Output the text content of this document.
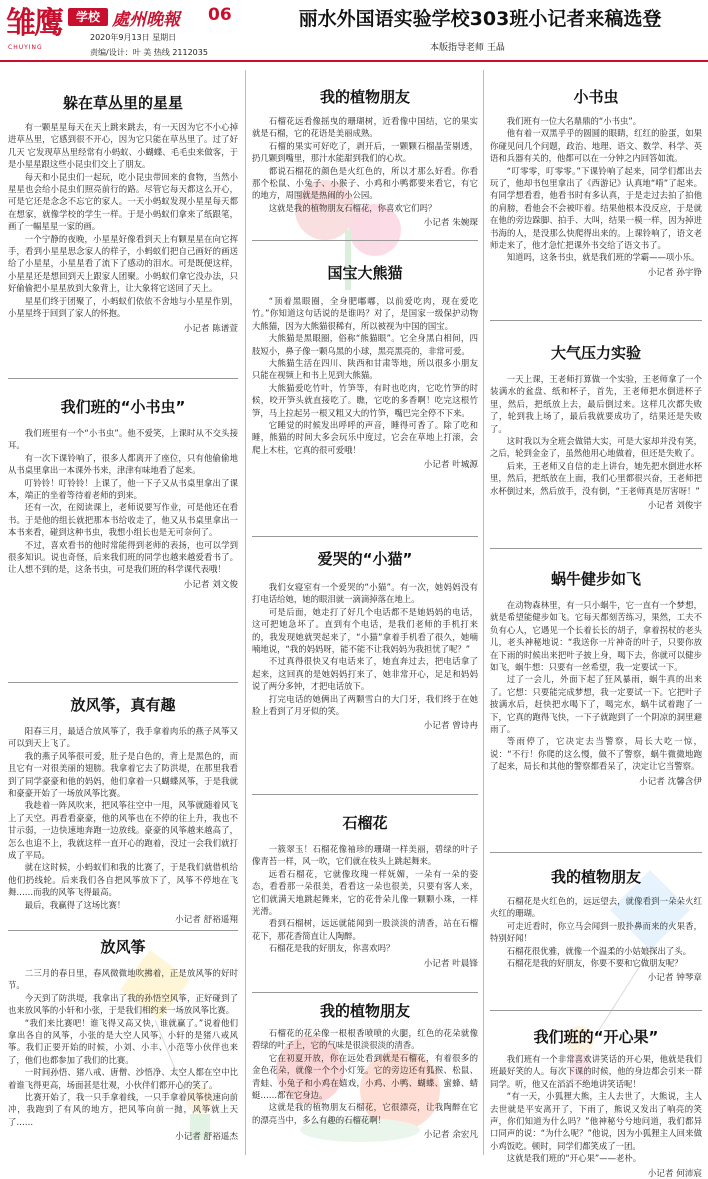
雏鹰
CHUYING
学校 處州晚報 06
2020年9月13日 星期日
责编/设计：叶 美 热线 2112035
丽水外国语实验学校303班小记者来稿选登
本版指导老师 王晶
躲在草丛里的星星

有一颗星星每天在天上跳来跳去，有一天因为它不小心掉进草丛里，它感到很不开心，因为它只能在草丛里了。过了好几天 它发现草丛里经常有小蚂蚁、小蝴蝶、毛毛虫来做客，于是小星星跟这些小昆虫们交上了朋友。

每天和小昆虫们一起玩，吃小昆虫带回来的食物，当然小星星也会给小昆虫们照亮前行的路。尽管它每天都这么开心，可是它还是念念不忘它的家人。一天小蚂蚁发现小星星每天都在想家，就像学校的学生一样。于是小蚂蚁们拿来了纸跟笔，画了一幅星星一家的画。

一个宁静的夜晚，小星星好像看到天上有颗星星在向它挥手，看到小星星思念家人的样子，小蚂蚁们把自己画好的画送给了小星星，小星星看了流下了感动的泪水。可是既便这样，小星星还是想回到天上跟家人团聚。小蚂蚁们拿它没办法，只好偷偷把小星星放到大象背上，让大象将它送回了天上。

星星们终于团聚了，小蚂蚁们依依不舍地与小星星作别，小星星终于回到了家人的怀抱。

小记者 陈谱萱
我们班的“小书虫”

我们班里有一个“小书虫”。他不爱笑，上课时从不交头接耳。

有一次下课铃响了，很多人都离开了座位，只有他偷偷地从书桌里拿出一本课外书来，津津有味地看了起来。

叮铃铃！叮铃铃！上课了，他一下子又从书桌里拿出了课本，端正的坐着等待着老师的到来。

还有一次，在阅读课上，老师说要写作业，可是他还在看书。于是他的组长就把那本书给收走了，他又从书桌里拿出一本书来看，碰到这种书虫，我想小组长也是无可奈何了。

不过，喜欢看书的他时常能得到老师的表扬，也可以学到很多知识。说也奇怪，后来我们班的同学也越来越爱看书了。让人想不到的是，这条书虫，可是我们班的科学课代表哦！

小记者 刘文俊
放风筝，真有趣

阳春三月，最适合放风筝了，我手拿着肉乐的燕子风筝又可以到天上飞了。

我的燕子风筝很可爱，肚子是白色的，背上是黑色的，而且它有一对很美丽的翅膀。我拿着它去了防洪堤，在那里我看到了同学豪豪和他的妈妈，他们拿着一只蝴蝶风筝，于是我就和豪豪开始了一场放风筝比赛。

我趁着一阵风吹来，把风筝往空中一甩，风筝就随着风飞上了天空。再看看豪豪，他的风筝也在不停的往上升，我也不甘示弱，一边快速地奔跑一边放线。豪豪的风筝越来越高了，怎么也追不上，我就这样一直开心的跑着，没过一会我们就打成了平局。

就在这时候，小蚂蚁们和我的比赛了，于是我们就借机给他们扔线轮。后来我们各自把风筝放下了，风筝不停地在飞舞……而我的风筝飞得最高。

最后，我赢得了这场比赛！

小记者 舒裕遥翔
放风筝

二三月的春日里，春风微微地吹拂着，正是放风筝的好时节。

今天到了防洪堤，我拿出了我的孙悟空风筝，正好碰到了也来放风筝的小轩和小张，于是我们相约来一场放风筝比赛。

“我们来比赛吧！谁飞得又高又快，谁就赢了。”说着他们拿出各自的风筝，小张的是大空人风筝，小轩的是猪八戒风筝。我们正要开始的时候，小刘、小丰、小范等小伙伴也来了，他们也都参加了我们的比赛。

一时间孙悟、猪八戒、唐僧、沙悟净、太空人都在空中比着谁飞得更高，场面甚是壮观，小伙伴们都开心的笑了。

比赛开始了，我一只手拿着线，一只手拿着风筝快速向前冲，我跑到了有风的地方，把风筝向前一抛，风筝就上天了……

小记者 舒裕遥杰
我的植物朋友

石榴花远看像摇曳的珊瑚树，近看像中国结，它的果实就是石榴，它的花语是美丽成熟。

石榴的果实可好吃了，剥开后，一颗颗石榴晶莹剔透，扔几颗到嘴里，那汁水能甜到我们的心坎。

都说石榴花的颜色是火红色的，所以才那么好看。你看那个松鼠、小兔子、小猴子、小鸡和小鸭都要来看它，有它的地方，周围就是热闹的小公园。

这就是我的植物朋友石榴花，你喜欢它们吗？

小记者 朱婉琛
国宝大熊猫

“顶着黑眼圈，全身肥嘟嘟，以前爱吃肉，现在爱吃竹。”你知道这句话说的是谁吗？对了，是国家一级保护动物大熊猫，因为大熊猫很稀有，所以被视为中国的国宝。

大熊猫是黑眼圈，俗称“熊猫眼”。它全身黑白相间，四肢短小，鼻子像一颗乌黑的小球，黑亮黑亮的，非常可爱。

大熊猫生活在四川、陕西和甘肃等地，所以很多小朋友只能在视频上和书上见到大熊猫。

大熊猫爱吃竹叶，竹笋等，有时也吃肉，它吃竹笋的时候，咬开笋头就直接吃了。瞧，它吃的多香啊！吃完这根竹笋，马上拉起另一根又粗又大的竹笋，嘴巴完全停不下来。

它睡觉的时候发出呼呼的声音，睡得可香了。除了吃和睡，熊猫的时间大多会玩乐中度过，它会在草地上打滚，会爬上木柱，它真的很可爱哦！

小记者 叶城源
爱哭的“小猫”

我们女寝室有一个爱哭的“小猫”。有一次，她妈妈没有打电话给她，她的眼泪就一滴滴掉落在地上。

可是后面，她走打了好几个电话都不是她妈妈的电话，这可把她急坏了。直到有个电话，是我们老师的手机打来的，我发现她就哭起来了，“小猫”拿着手机看了很久，她喃喃地说，“我的妈妈呀，能不能不让我妈妈为我担忧了呢？”

不过真得很快又有电话来了，她直奔过去，把电话拿了起来，这回真的是她妈妈打来了，她非常开心，足足和妈妈说了两分多钟，才把电话放下。

打完电话的她俩出了两颗雪白的大门牙，我们终于在她脸上看到了月牙似的笑。

小记者 曾诗冉
石榴花

一簇翠玉！石榴花像袖珍的珊瑚一样美丽，碧绿的叶子像青苔一样，风一吹，它们就在枝头上跳起舞来。

远看石榴花，它就像玫瑰一样妩媚，一朵有一朵的姿态，看看那一朵很美，看看这一朵也很美，只要有客人来，它们就满天地跳起舞来，它的花骨朵儿像一颗颗小珠，一样光滑。

看到石榴树，远远就能闻到一股淡淡的清香，站在石榴花下，那花香简直让人陶醉。

石榴花是我的好朋友，你喜欢吗？

小记者 叶晨锋
我的植物朋友

石榴花的花朵像一根根香喷喷的火腿，红色的花朵就像碧绿的叶子上，它的气味是很淡很淡的清香。

它在初夏开放，你在远处看到就是石榴花，有着很多的金色花朵，就像一个个小灯笼。它的旁边还有狐猴、松鼠、青蛙、小兔子和小鸡在嬉戏，小鸡、小鸭、蝴蝶、蜜蜂、蜻蜓……都在它身边。

这就是我的植物朋友石榴花，它很漂亮，让我陶醉在它的漂亮当中，多么有趣的石榴花啊！

小记者 余宏凡
小书虫

我们班有一位大名鼎鼎的“小书虫”。

他有着一双黑乎乎的圆圆的眼睛，红红的脸蛋，如果你碰见问几个问题，政治、地理、语文、数学、科学、英语和兵器有关的，他都可以在一分钟之内回答如流。

“叮零零，叮零零。”下课铃响了起来，同学们都出去玩了，他却书包里拿出了《西游记》认真地“啃”了起来。有同学想看看，他看书时有多认真，于是走过去拍了拍他的肩膀，看他会不会被吓着。结果他根本没反应，于是就在他的旁边跺脚、拍手、大叫，结果一模一样，因为掉进书海的人，是没那么快爬得出来的。上课铃响了，语文老师走来了，他才急忙把课外书交给了语文书了。

知道吗，这条书虫，就是我们班的学霸——项小乐。

小记者 孙宇铮
大气压力实验

一天上课，王老师打算做一个实验，王老师拿了一个装满水的盆盘、纸和杯子，首先，王老师把水倒进杯子里，然后，把纸放上去，最后倒过来。这样几次都失败了，轮到我上场了，最后我就要成功了，结果还是失败了。

这时我以为全班会做错大实，可是大家却并没有笑，之后，轮到金金了，虽然他用心地做着，但还是失败了。

后来，王老师又自信的走上讲台，她先把水倒进水杯里，然后，把纸放在上面，我们心里都很兴奋，王老师把水杯倒过来，然后放手，没有倒，“王老师真是厉害呀！”

小记者 刘俊宇
蜗牛健步如飞

在动物森林里，有一只小蜗牛，它一直有一个梦想，就是希望能健步如飞。它每天都刻苦练习，果然，工夫不负有心人，它遇见一个长着长长的胡子，拿着拐杖的老头儿，老头神秘地说：“我送你一片神奇的叶子，只要你放在下雨的时候出来把叶子披上身，喝下去，你就可以健步如飞，蜗牛想：只要有一丝希望，我一定要试一下。

过了一会儿，外面下起了狂风暴雨，蜗牛真的出来了。它想：只要能完成梦想，我一定要试一下。它把叶子披满水后，赶快把水喝下了，喝完水，蜗牛试着跑了一下，它真的跑得飞快，一下子就跑到了一个阴凉的洞里避雨了。

等雨停了，它决定去当警察，局长大吃一惊，说：“不行！你爬的这么慢，做不了警察，蜗牛微微地跑了起来，局长和其他的警察都看呆了，决定让它当警察。

小记者 沈馨含伊
我的植物朋友

石榴花是火红色的，远远望去，就像看到一朵朵火红火红的珊瑚。

可走近看时，你立马会闻到一股扑鼻而来的火果香，特别好闻！

石榴花很优雅，就像一个温柔的小姑娘探出了头。

石榴花是我的好朋友，你要不要和它做朋友呢？

小记者 钟琴章
我们班的“开心果”

我们班有一个非常喜欢讲笑话的开心果，他就是我们班最好笑的人。每次下课的时候，他的身边都会引来一群同学。听，他又在滔滔不绝地讲笑话呢！

“有一天，小狐狸大熊，主人去世了，大熊说，主人去世就是平安离开了，下雨了，熊说又发出了响亮的笑声，你们知道为什么吗？”他神秘兮兮地问道，我们都异口同声的说：“为什么呢？”他说，因为小狐狸主人回来做小鸡饭吃。顿时，同学们都笑成了一团。

这就是我们班的“开心果”——老朴。

小记者 何沛宸
